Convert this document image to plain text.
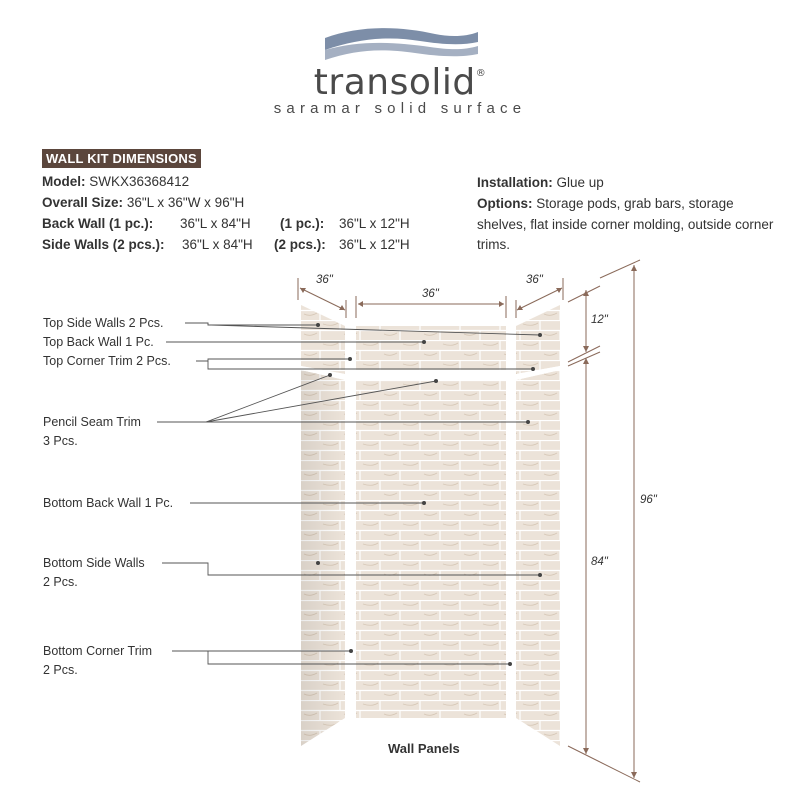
transolid®
saramar solid surface
WALL KIT DIMENSIONS
Model: SWKX36368412
Overall Size: 36"L x 36"W x 96"H
Back Wall (1 pc.): 36"L x 84"H (1 pc.): 36"L x 12"H
Side Walls (2 pcs.): 36"L x 84"H (2 pcs.): 36"L x 12"H
Installation: Glue up
Options: Storage pods, grab bars, storage shelves, flat inside corner molding, outside corner trims.
36"
36"
36"
12"
84"
96"
Top Side Walls 2 Pcs.
Top Back Wall 1 Pc.
Top Corner Trim 2 Pcs.
Pencil Seam Trim
3 Pcs.
Bottom Back Wall 1 Pc.
Bottom Side Walls
2 Pcs.
Bottom Corner Trim
2 Pcs.
Wall Panels
